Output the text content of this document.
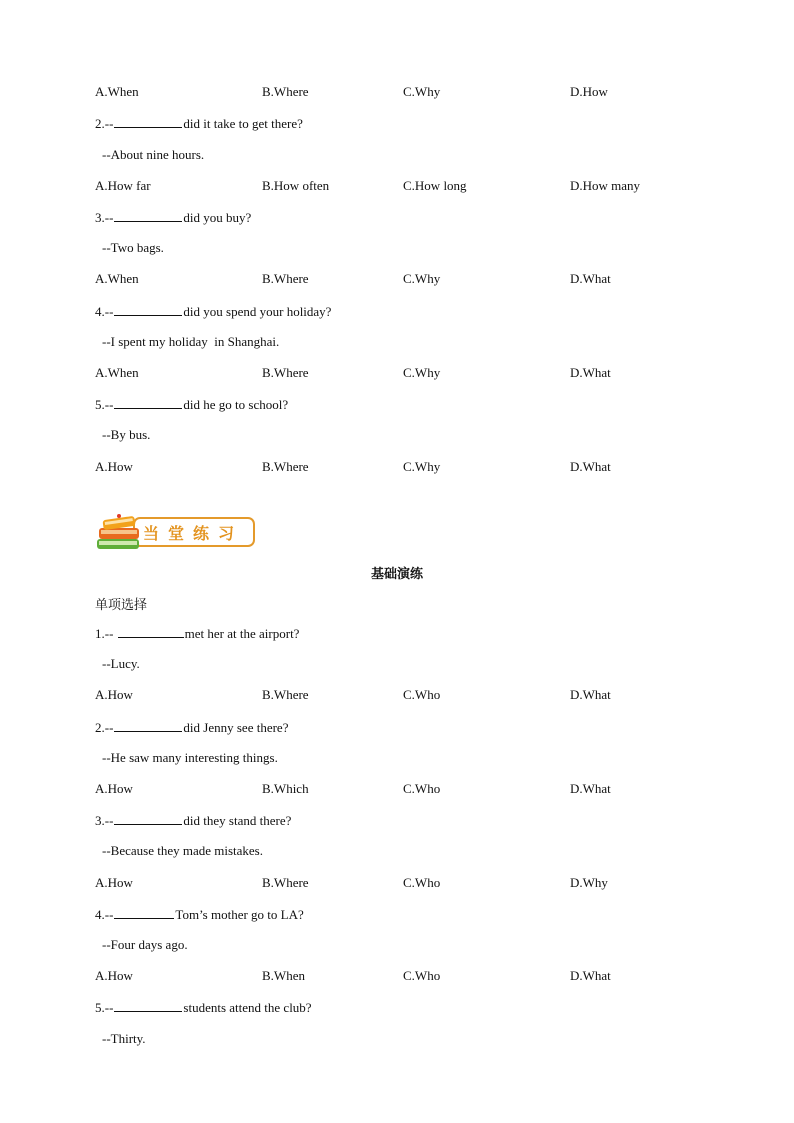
A.When	B.Where	C.Why	D.How
2.--	did it take to get there?
--About nine hours.
A.How far	B.How often	C.How long	D.How many
3.--	did you buy?
--Two bags.
A.When	B.Where	C.Why	D.What
4.--	did you spend your holiday?
--I spent my holiday  in Shanghai.
A.When	B.Where	C.Why	D.What
5.--	did he go to school?
--By bus.
A.How	B.Where	C.Why	D.What
当堂练习
基础演练
单项选择
1.--	met her at the airport?
--Lucy.
A.How	B.Where	C.Who	D.What
2.--	did Jenny see there?
--He saw many interesting things.
A.How	B.Which	C.Who	D.What
3.--	did they stand there?
--Because they made mistakes.
A.How	B.Where	C.Who	D.Why
4.--	Tom’s mother go to LA?
--Four days ago.
A.How	B.When	C.Who	D.What
5.--	students attend the club?
--Thirty.
